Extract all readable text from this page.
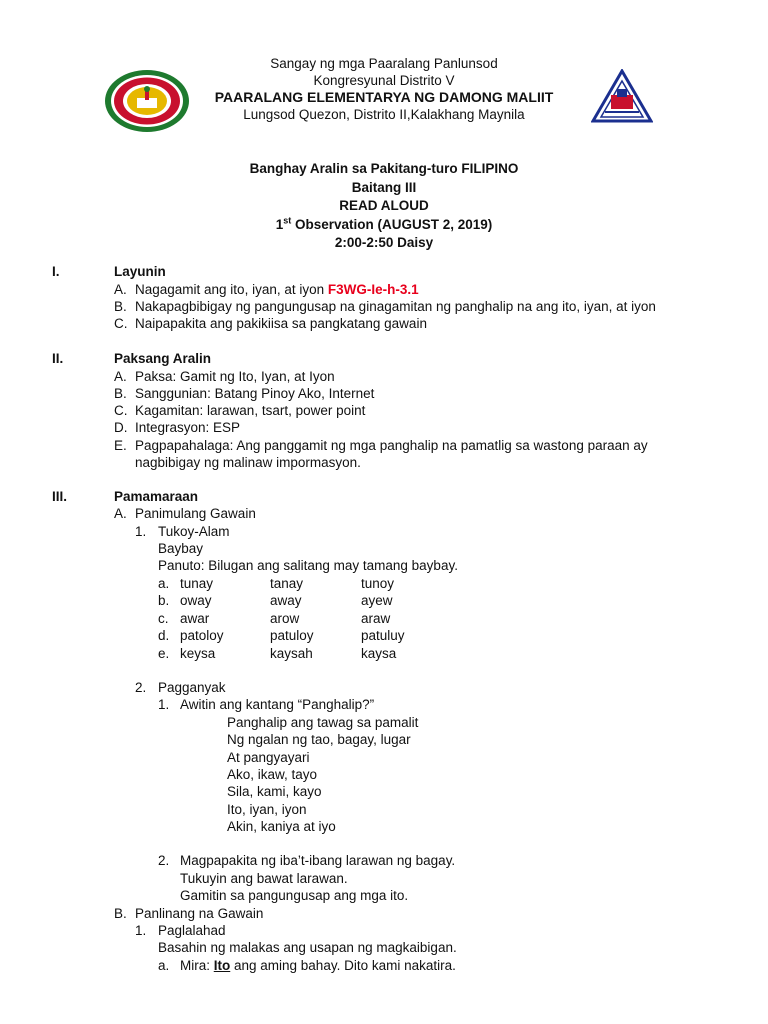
Sangay ng mga Paaralang Panlunsod
Kongresyunal Distrito V
PAARALANG ELEMENTARYA NG DAMONG MALIIT
Lungsod Quezon, Distrito II,Kalakhang Maynila
Banghay Aralin sa Pakitang-turo FILIPINO
Baitang III
READ ALOUD
1st Observation (AUGUST 2, 2019)
2:00-2:50 Daisy
I.	Layunin
A. Nagagamit ang ito, iyan, at iyon F3WG-Ie-h-3.1
B. Nakapagbibigay ng pangungusap na ginagamitan ng panghalip na ang ito, iyan, at iyon
C. Naipapakita ang pakikiisa sa pangkatang gawain
II.	Paksang Aralin
A. Paksa: Gamit ng Ito, Iyan, at Iyon
B. Sanggunian: Batang Pinoy Ako, Internet
C. Kagamitan: larawan, tsart, power point
D. Integrasyon: ESP
E. Pagpapahalaga: Ang panggamit ng mga panghalip na pamatlig sa wastong paraan ay
nagbibigay ng malinaw impormasyon.
III.	Pamamaraan
A. Panimulang Gawain
1. Tukoy-Alam
Baybay
Panuto: Bilugan ang salitang may tamang baybay.
a. tunay	tanay	tunoy
b. oway	away	ayew
c. awar	arow	araw
d. patoloy	patuloy	patuluy
e. keysa	kaysah	kaysa
2. Pagganyak
1. Awitin ang kantang “Panghalip?”
Panghalip ang tawag sa pamalit
Ng ngalan ng tao, bagay, lugar
At pangyayari
Ako, ikaw, tayo
Sila, kami, kayo
Ito, iyan, iyon
Akin, kaniya at iyo
2. Magpapakita ng iba’t-ibang larawan ng bagay.
Tukuyin ang bawat larawan.
Gamitin sa pangungusap ang mga ito.
B. Panlinang na Gawain
1. Paglalahad
Basahin ng malakas ang usapan ng magkaibigan.
a. Mira: Ito ang aming bahay. Dito kami nakatira.
